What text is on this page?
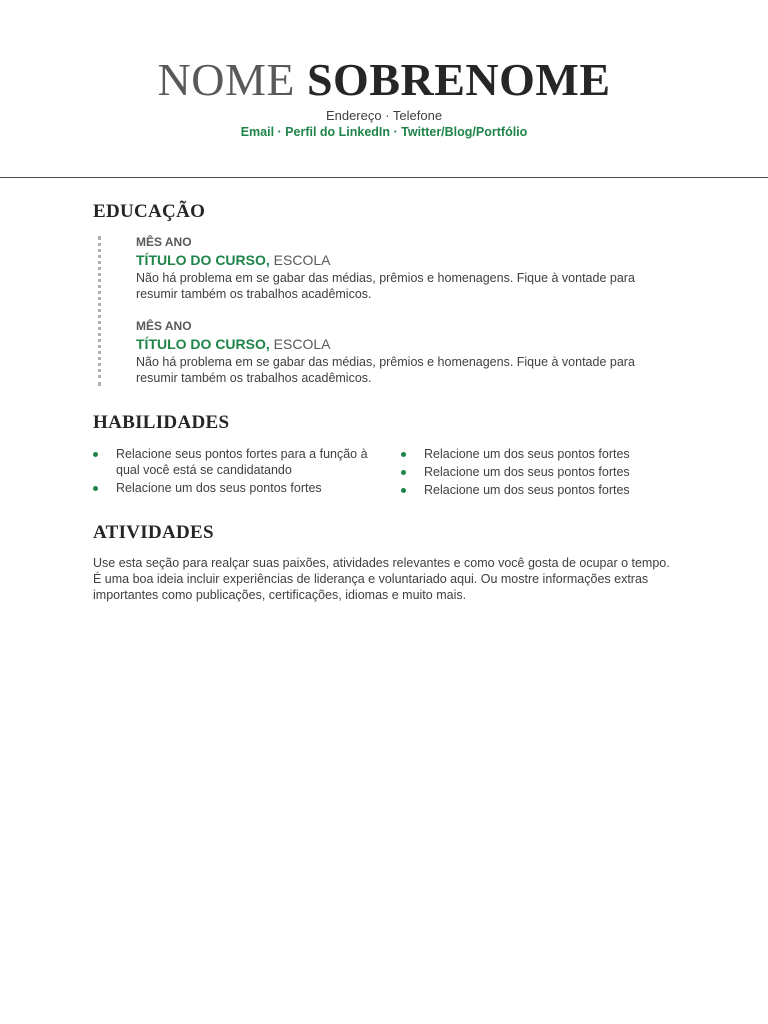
NOME SOBRENOME
Endereço · Telefone
Email · Perfil do LinkedIn · Twitter/Blog/Portfólio
EDUCAÇÃO
MÊS ANO
TÍTULO DO CURSO, ESCOLA
Não há problema em se gabar das médias, prêmios e homenagens. Fique à vontade para resumir também os trabalhos acadêmicos.
MÊS ANO
TÍTULO DO CURSO, ESCOLA
Não há problema em se gabar das médias, prêmios e homenagens. Fique à vontade para resumir também os trabalhos acadêmicos.
HABILIDADES
Relacione seus pontos fortes para a função à qual você está se candidatando
Relacione um dos seus pontos fortes
Relacione um dos seus pontos fortes
Relacione um dos seus pontos fortes
Relacione um dos seus pontos fortes
ATIVIDADES
Use esta seção para realçar suas paixões, atividades relevantes e como você gosta de ocupar o tempo. É uma boa ideia incluir experiências de liderança e voluntariado aqui. Ou mostre informações extras importantes como publicações, certificações, idiomas e muito mais.
